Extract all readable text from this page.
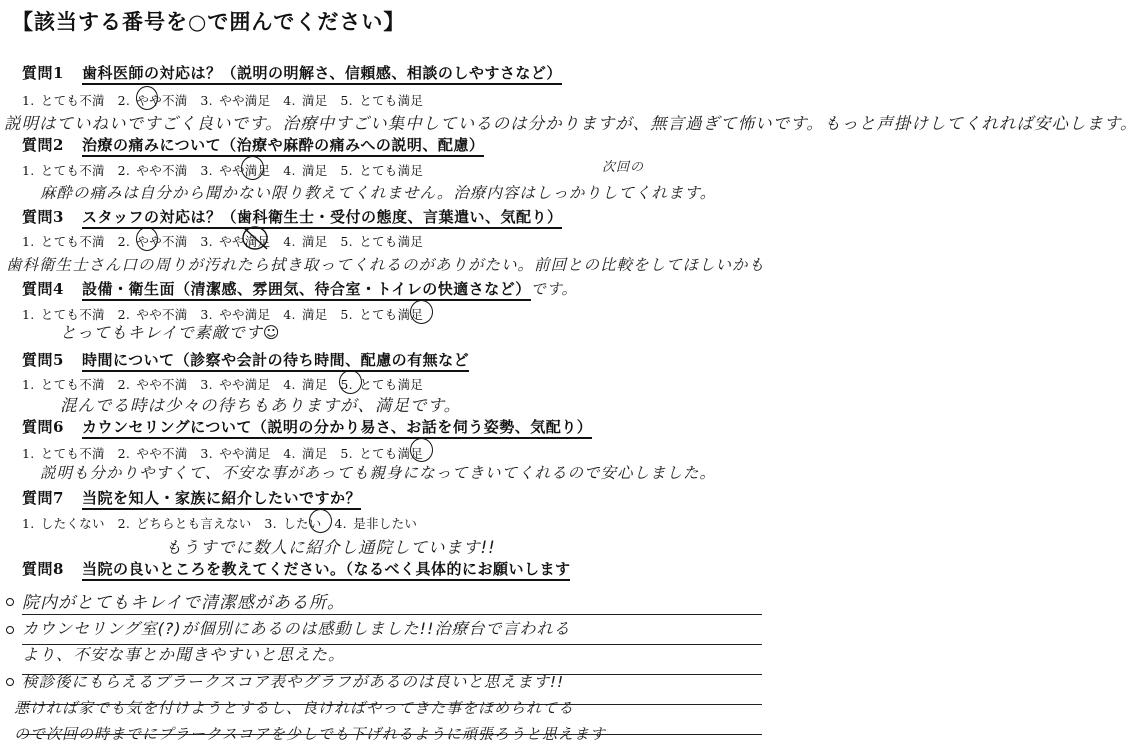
【該当する番号を○で囲んでください】
質問1 歯科医師の対応は？（説明の明解さ、信頼感、相談のしやすさなど）
1. とても不満　2. やや不満　3. やや満足　4. 満足　5. とても満足
説明はていねいですごく良いです。治療中すごい集中しているのは分かりますが、無言過ぎて怖いです。もっと声掛けしてくれれば安心します。
質問2 治療の痛みについて（治療や麻酔の痛みへの説明、配慮）
1. とても不満　2. やや不満　3. やや満足　4. 満足　5. とても満足	次回の
麻酔の痛みは自分から聞かない限り教えてくれません。治療内容はしっかりしてくれます。
質問3 スタッフの対応は？（歯科衛生士・受付の態度、言葉遣い、気配り）
1. とても不満　2. やや不満　3. やや満足　4. 満足　5. とても満足
歯科衛生士さん口の周りが汚れたら拭き取ってくれるのがありがたい。前回との比較をしてほしいかも
質問4 設備・衛生面（清潔感、雰囲気、待合室・トイレの快適さなど）です。
1. とても不満　2. やや不満　3. やや満足　4. 満足　5. とても満足
とってもキレイで素敵です☺
質問5 時間について（診察や会計の待ち時間、配慮の有無など
1. とても不満　2. やや不満　3. やや満足　4. 満足　5. とても満足
混んでる時は少々の待ちもありますが、満足です。
質問6 カウンセリングについて（説明の分かり易さ、お話を伺う姿勢、気配り）
1. とても不満　2. やや不満　3. やや満足　4. 満足　5. とても満足
説明も分かりやすくて、不安な事があっても親身になってきいてくれるので安心しました。
質問7 当院を知人・家族に紹介したいですか？
1. したくない　2. どちらとも言えない　3. したい　4. 是非したい
もうすでに数人に紹介し通院しています!!
質問8 当院の良いところを教えてください。（なるべく具体的にお願いします
院内がとてもキレイで清潔感がある所。
カウンセリング室(?)が個別にあるのは感動しました!!治療台で言われる
より、不安な事とか聞きやすいと思えた。
検診後にもらえるプラークスコア表やグラフがあるのは良いと思えます!!
悪ければ家でも気を付けようとするし、良ければやってきた事をほめられてる
ので次回の時までにプラークスコアを少しでも下げれるように頑張ろうと思えます
